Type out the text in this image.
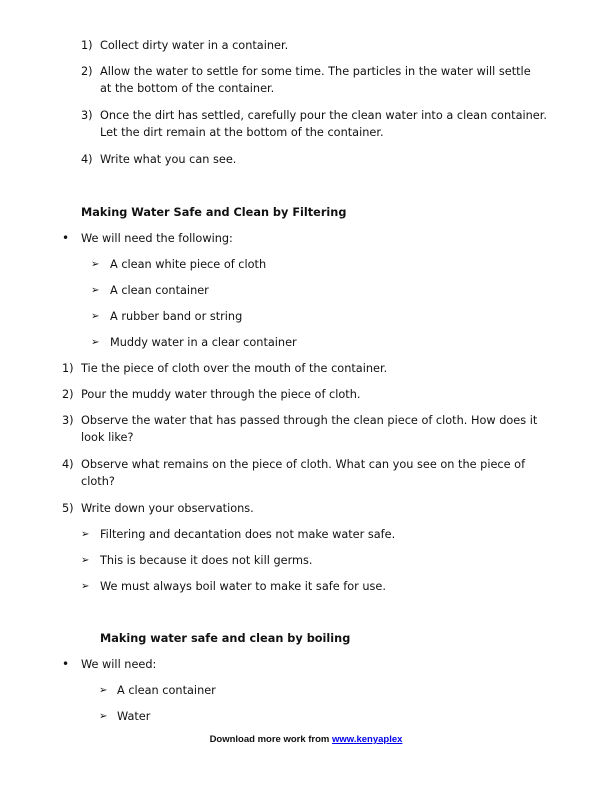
1) Collect dirty water in a container.
2) Allow the water to settle for some time. The particles in the water will settle
at the bottom of the container.
3) Once the dirt has settled, carefully pour the clean water into a clean container.
Let the dirt remain at the bottom of the container.
4) Write what you can see.
Making Water Safe and Clean by Filtering
• We will need the following:
➢ A clean white piece of cloth
➢ A clean container
➢ A rubber band or string
➢ Muddy water in a clear container
1) Tie the piece of cloth over the mouth of the container.
2) Pour the muddy water through the piece of cloth.
3) Observe the water that has passed through the clean piece of cloth. How does it
look like?
4) Observe what remains on the piece of cloth. What can you see on the piece of
cloth?
5) Write down your observations.
➢ Filtering and decantation does not make water safe.
➢ This is because it does not kill germs.
➢ We must always boil water to make it safe for use.
Making water safe and clean by boiling
• We will need:
➢ A clean container
➢ Water
Download more work from www.kenyaplex
